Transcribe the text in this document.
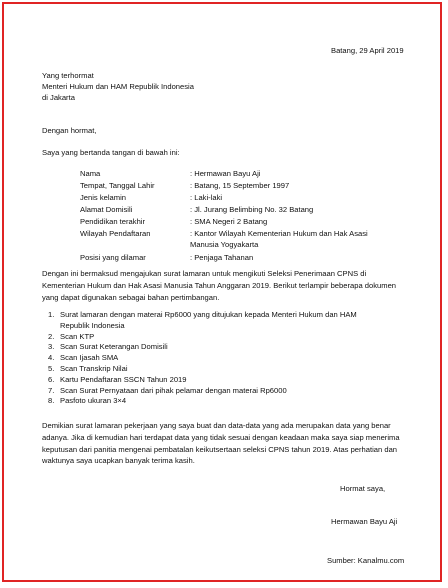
Batang, 29 April 2019
Yang terhormat
Menteri Hukum dan HAM Republik Indonesia
di Jakarta
Dengan hormat,
Saya yang bertanda tangan di bawah ini:
Nama	: Hermawan Bayu Aji
Tempat, Tanggal Lahir	: Batang, 15 September 1997
Jenis kelamin	: Laki-laki
Alamat Domisili	: Jl. Jurang Belimbing No. 32 Batang
Pendidikan terakhir	: SMA Negeri 2 Batang
Wilayah Pendaftaran	: Kantor Wilayah Kementerian Hukum dan Hak Asasi Manusia Yogyakarta
Posisi yang dilamar	: Penjaga Tahanan
Dengan ini bermaksud mengajukan surat lamaran untuk mengikuti Seleksi Penerimaan CPNS di Kementerian Hukum dan Hak Asasi Manusia Tahun Anggaran 2019. Berikut terlampir beberapa dokumen yang dapat digunakan sebagai bahan pertimbangan.
1. Surat lamaran dengan materai Rp6000 yang ditujukan kepada Menteri Hukum dan HAM Republik Indonesia
2. Scan KTP
3. Scan Surat Keterangan Domisili
4. Scan Ijasah SMA
5. Scan Transkrip Nilai
6. Kartu Pendaftaran SSCN Tahun 2019
7. Scan Surat Pernyataan dari pihak pelamar dengan materai Rp6000
8. Pasfoto ukuran 3×4
Demikian surat lamaran pekerjaan yang saya buat dan data-data yang ada merupakan data yang benar adanya. Jika di kemudian hari terdapat data yang tidak sesuai dengan keadaan maka saya siap menerima keputusan dari panitia mengenai pembatalan keikutsertaan seleksi CPNS tahun 2019. Atas perhatian dan waktunya saya ucapkan banyak terima kasih.
Hormat saya,
Hermawan Bayu Aji
Sumber: Kanalmu.com
